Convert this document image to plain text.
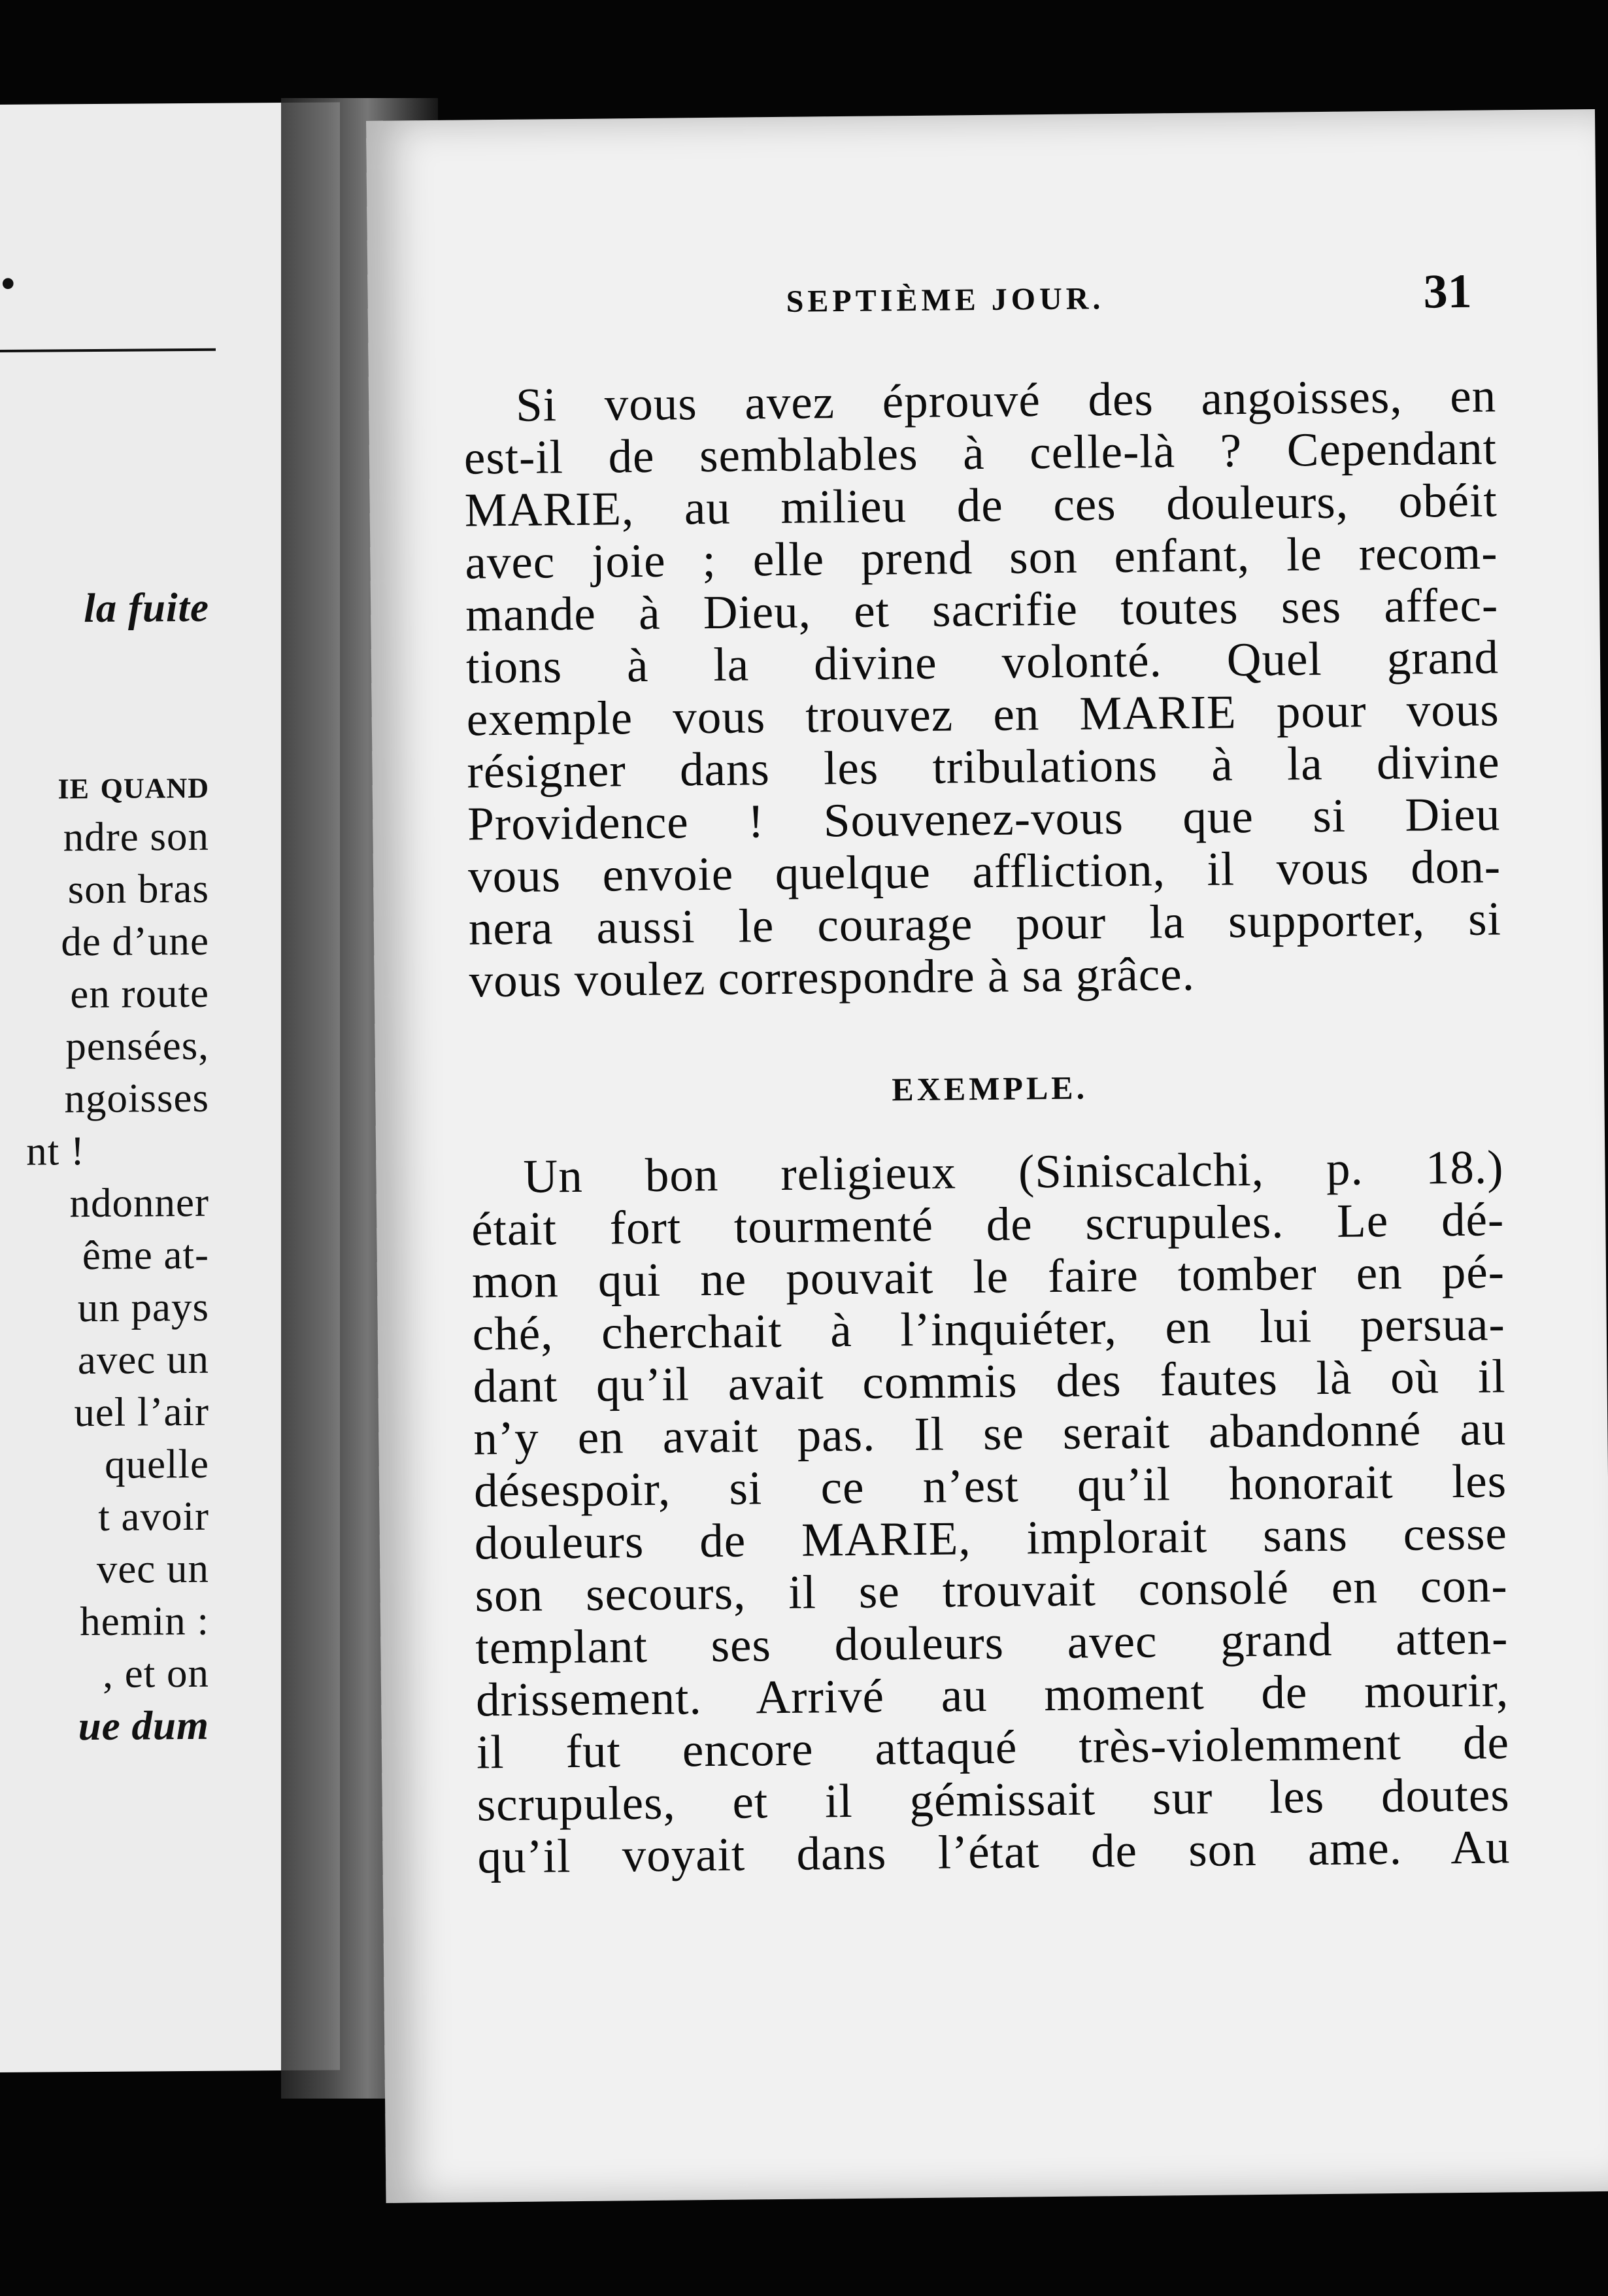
•
la fuite
ie quand
ndre son
son bras
de d’une
en route
pensées,
ngoisses
nt !
ndonner
ême at-
un pays
avec un
uel l’air
quelle
t avoir
vec un
hemin :
, et on
ue dum
SEPTIÈME JOUR.	31
Si vous avez éprouvé des angoisses, en
est-il de semblables à celle-là ? Cependant
MARIE, au milieu de ces douleurs, obéit
avec joie ; elle prend son enfant, le recom-
mande à Dieu, et sacrifie toutes ses affec-
tions à la divine volonté. Quel grand
exemple vous trouvez en MARIE pour vous
résigner dans les tribulations à la divine
Providence ! Souvenez-vous que si Dieu
vous envoie quelque affliction, il vous don-
nera aussi le courage pour la supporter, si
vous voulez correspondre à sa grâce.
EXEMPLE.
Un bon religieux (Siniscalchi, p. 18.)
était fort tourmenté de scrupules. Le dé-
mon qui ne pouvait le faire tomber en pé-
ché, cherchait à l’inquiéter, en lui persua-
dant qu’il avait commis des fautes là où il
n’y en avait pas. Il se serait abandonné au
désespoir, si ce n’est qu’il honorait les
douleurs de MARIE, implorait sans cesse
son secours, il se trouvait consolé en con-
templant ses douleurs avec grand atten-
drissement. Arrivé au moment de mourir,
il fut encore attaqué très-violemment de
scrupules, et il gémissait sur les doutes
qu’il voyait dans l’état de son ame. Au
